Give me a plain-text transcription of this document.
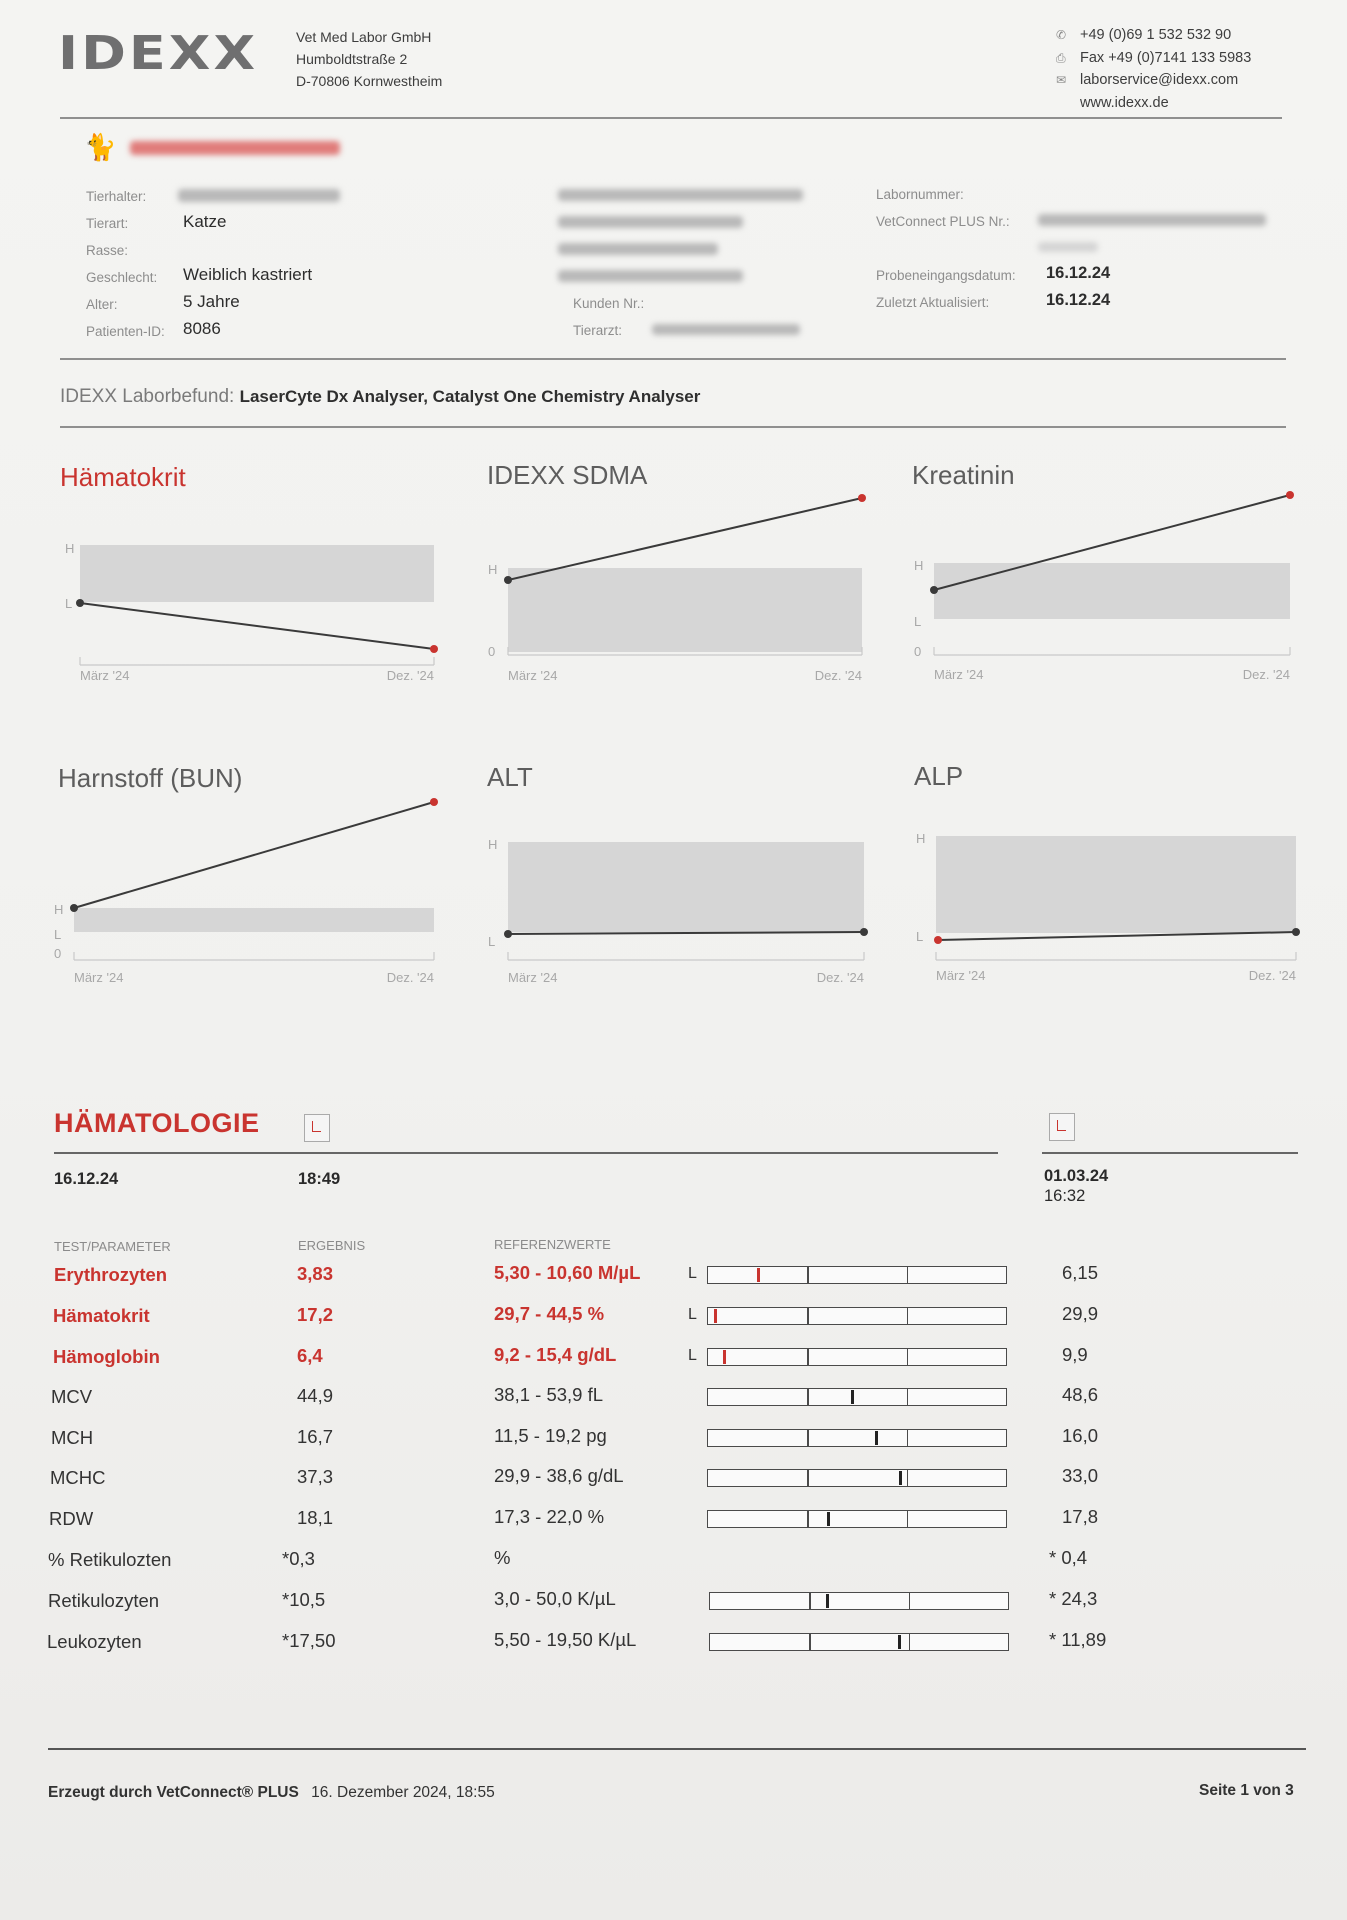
IDEXX	Vet Med Labor GmbH
Humboldtstraße 2
D-70806 Kornwestheim
✆ +49 (0)69 1 532 532 90
⎙ Fax +49 (0)7141 133 5983
✉ laborservice@idexx.com
www.idexx.de
🐈
Tierhalter:
Tierart:	Katze
Rasse:
Geschlecht: Weiblich kastriert
Alter:	5 Jahre
Patienten-ID: 8086
Kunden Nr.:
Tierarzt:
Labornummer:
VetConnect PLUS Nr.:
Probeneingangsdatum: 16.12.24
Zuletzt Aktualisiert:	16.12.24
IDEXX Laborbefund: LaserCyte Dx Analyser, Catalyst One Chemistry Analyser
Hämatokrit	IDEXX SDMA	Kreatinin
Harnstoff (BUN)	ALT	ALP
H
L
März '24	Dez. '24
H
0
März '24	Dez. '24
H
L
0
März '24	Dez. '24
H
L
0
März '24	Dez. '24
H
L
März '24	Dez. '24
H
L
März '24	Dez. '24
HÄMATOLOGIE
16.12.24	18:49	01.03.24
16:32
TEST/PARAMETER	ERGEBNIS	REFERENZWERTE
Erythrozyten	3,83	5,30 - 10,60 M/µL	L	6,15
Hämatokrit	17,2	29,7 - 44,5 %	L	29,9
Hämoglobin	6,4	9,2 - 15,4 g/dL	L	9,9
MCV	44,9	38,1 - 53,9 fL	48,6
MCH	16,7	11,5 - 19,2 pg	16,0
MCHC	37,3	29,9 - 38,6 g/dL	33,0
RDW	18,1	17,3 - 22,0 %	17,8
% Retikulozten	*0,3	%	* 0,4
Retikulozyten	*10,5	3,0 - 50,0 K/µL	* 24,3
Leukozyten	*17,50	5,50 - 19,50 K/µL	* 11,89
Erzeugt durch VetConnect® PLUS 16. Dezember 2024, 18:55	Seite 1 von 3
